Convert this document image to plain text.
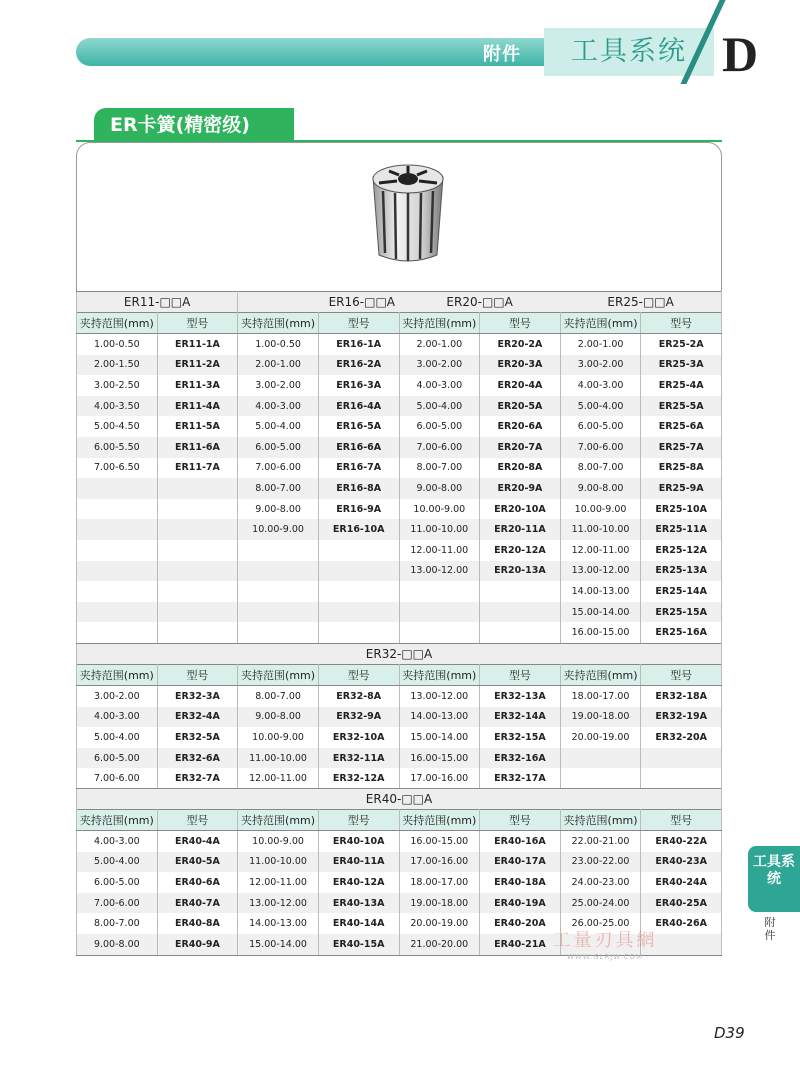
附件	工具系统 D
ER卡簧(精密级)
ER11-□□A		ER16-□□A		ER20-□□A		ER25-□□A	
夹持范围(mm)	型号	夹持范围(mm)	型号	夹持范围(mm)	型号	夹持范围(mm)	型号
1.00-0.50	ER11-1A	1.00-0.50	ER16-1A	2.00-1.00	ER20-2A	2.00-1.00	ER25-2A
2.00-1.50	ER11-2A	2.00-1.00	ER16-2A	3.00-2.00	ER20-3A	3.00-2.00	ER25-3A
3.00-2.50	ER11-3A	3.00-2.00	ER16-3A	4.00-3.00	ER20-4A	4.00-3.00	ER25-4A
4.00-3.50	ER11-4A	4.00-3.00	ER16-4A	5.00-4.00	ER20-5A	5.00-4.00	ER25-5A
5.00-4.50	ER11-5A	5.00-4.00	ER16-5A	6.00-5.00	ER20-6A	6.00-5.00	ER25-6A
6.00-5.50	ER11-6A	6.00-5.00	ER16-6A	7.00-6.00	ER20-7A	7.00-6.00	ER25-7A
7.00-6.50	ER11-7A	7.00-6.00	ER16-7A	8.00-7.00	ER20-8A	8.00-7.00	ER25-8A
		8.00-7.00	ER16-8A	9.00-8.00	ER20-9A	9.00-8.00	ER25-9A
		9.00-8.00	ER16-9A	10.00-9.00	ER20-10A	10.00-9.00	ER25-10A
		10.00-9.00	ER16-10A	11.00-10.00	ER20-11A	11.00-10.00	ER25-11A
				12.00-11.00	ER20-12A	12.00-11.00	ER25-12A
				13.00-12.00	ER20-13A	13.00-12.00	ER25-13A
						14.00-13.00	ER25-14A
						15.00-14.00	ER25-15A
						16.00-15.00	ER25-16A
ER32-□□A							
夹持范围(mm)	型号	夹持范围(mm)	型号	夹持范围(mm)	型号	夹持范围(mm)	型号
3.00-2.00	ER32-3A	8.00-7.00	ER32-8A	13.00-12.00	ER32-13A	18.00-17.00	ER32-18A
4.00-3.00	ER32-4A	9.00-8.00	ER32-9A	14.00-13.00	ER32-14A	19.00-18.00	ER32-19A
5.00-4.00	ER32-5A	10.00-9.00	ER32-10A	15.00-14.00	ER32-15A	20.00-19.00	ER32-20A
6.00-5.00	ER32-6A	11.00-10.00	ER32-11A	16.00-15.00	ER32-16A		
7.00-6.00	ER32-7A	12.00-11.00	ER32-12A	17.00-16.00	ER32-17A		
ER40-□□A							
夹持范围(mm)	型号	夹持范围(mm)	型号	夹持范围(mm)	型号	夹持范围(mm)	型号
4.00-3.00	ER40-4A	10.00-9.00	ER40-10A	16.00-15.00	ER40-16A	22.00-21.00	ER40-22A
5.00-4.00	ER40-5A	11.00-10.00	ER40-11A	17.00-16.00	ER40-17A	23.00-22.00	ER40-23A
6.00-5.00	ER40-6A	12.00-11.00	ER40-12A	18.00-17.00	ER40-18A	24.00-23.00	ER40-24A
7.00-6.00	ER40-7A	13.00-12.00	ER40-13A	19.00-18.00	ER40-19A	25.00-24.00	ER40-25A
8.00-7.00	ER40-8A	14.00-13.00	ER40-14A	20.00-19.00	ER40-20A	26.00-25.00	ER40-26A
9.00-8.00	ER40-9A	15.00-14.00	ER40-15A	21.00-20.00	ER40-21A		
工具系统
附件
工量刃具網
WWW.GLRJW.COM
D39
